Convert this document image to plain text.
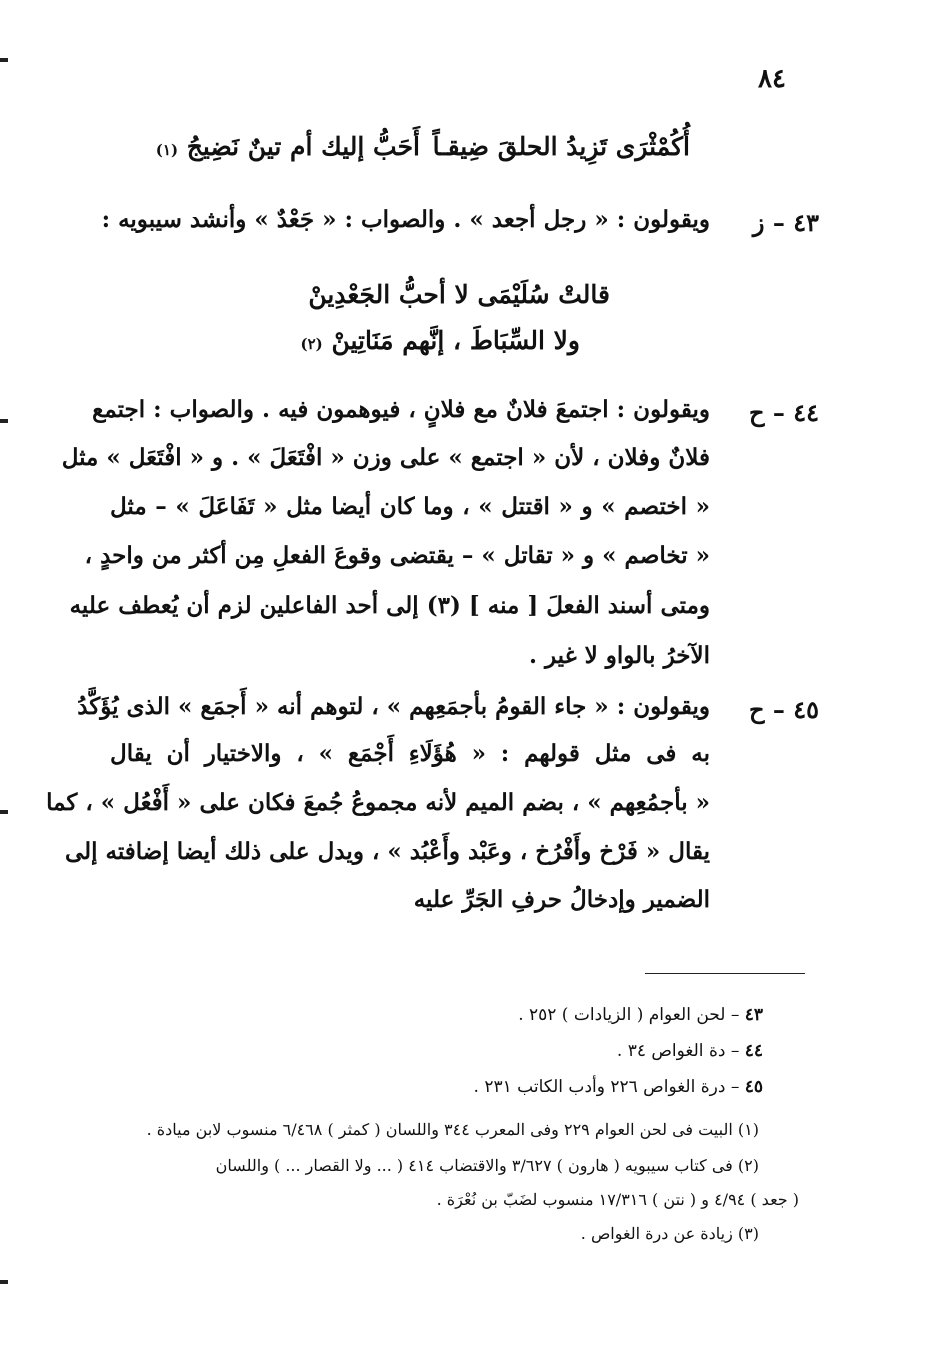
٨٤
أُكُمْثْرَى تَزِيدُ الحلقَ ضِيقـاً
أَحَبُّ إليك أم تينٌ نَضِيجُ (١)
٤٣ – ز
ويقولون : « رجل أجعد » . والصواب : « جَعْدٌ » وأنشد سيبويه :
قالتْ سُلَيْمَى لا أحبُّ الجَعْدِينْ
ولا السِّبَاطَ ، إنَّهم مَنَاتِينْ (٢)
٤٤ – ح
ويقولون : اجتمعَ فلانٌ مع فلانٍ ، فيوهمون فيه . والصواب : اجتمع
فلانٌ وفلان ، لأن « اجتمع » على وزن « افْتَعَلَ » . و « افْتَعَل » مثل
« اختصم » و « اقتتل » ، وما كان أيضا مثل « تَفَاعَلَ » – مثل
« تخاصم » و « تقاتل » – يقتضى وقوعَ الفعلِ مِن أكثر من واحدٍ ،
ومتى أسند الفعلَ [ منه ] (٣) إلى أحد الفاعلين لزم أن يُعطف عليه
الآخرُ بالواو لا غير .
٤٥ – ح
ويقولون : « جاء القومُ بأجمَعِهم » ، لتوهم أنه « أَجمَع » الذى يُؤَكَّدُ
به فى مثل قولهم : « هُؤَلَاءِ أَجْمَع » ، والاختيار أن يقال
« بأجمُعِهم » ، بضم الميم لأنه مجموعُ جُمعَ فكان على « أَفْعُل » ، كما
يقال « فَرْخ وأَفْرُخ ، وعَبْد وأَعْبُد » ، ويدل على ذلك أيضا إضافته إلى
الضمير وإدخالُ حرفِ الجَرِّ عليه
٤٣ – لحن العوام ( الزيادات ) ٢٥٢ .
٤٤ – دة الغواص ٣٤ .
٤٥ – درة الغواص ٢٢٦ وأدب الكاتب ٢٣١ .
(١) البيت فى لحن العوام ٢٢٩ وفى المعرب ٣٤٤ واللسان ( كمثر ) ٦/٤٦٨ منسوب لابن ميادة .
(٢) فى كتاب سيبويه ( هارون ) ٣/٦٢٧ والاقتضاب ٤١٤ ( ... ولا القصار ... ) واللسان
( جعد ) ٤/٩٤ و ( نتن ) ١٧/٣١٦ منسوب لضَبّ بن نُعْرَة .
(٣) زيادة عن درة الغواص .
